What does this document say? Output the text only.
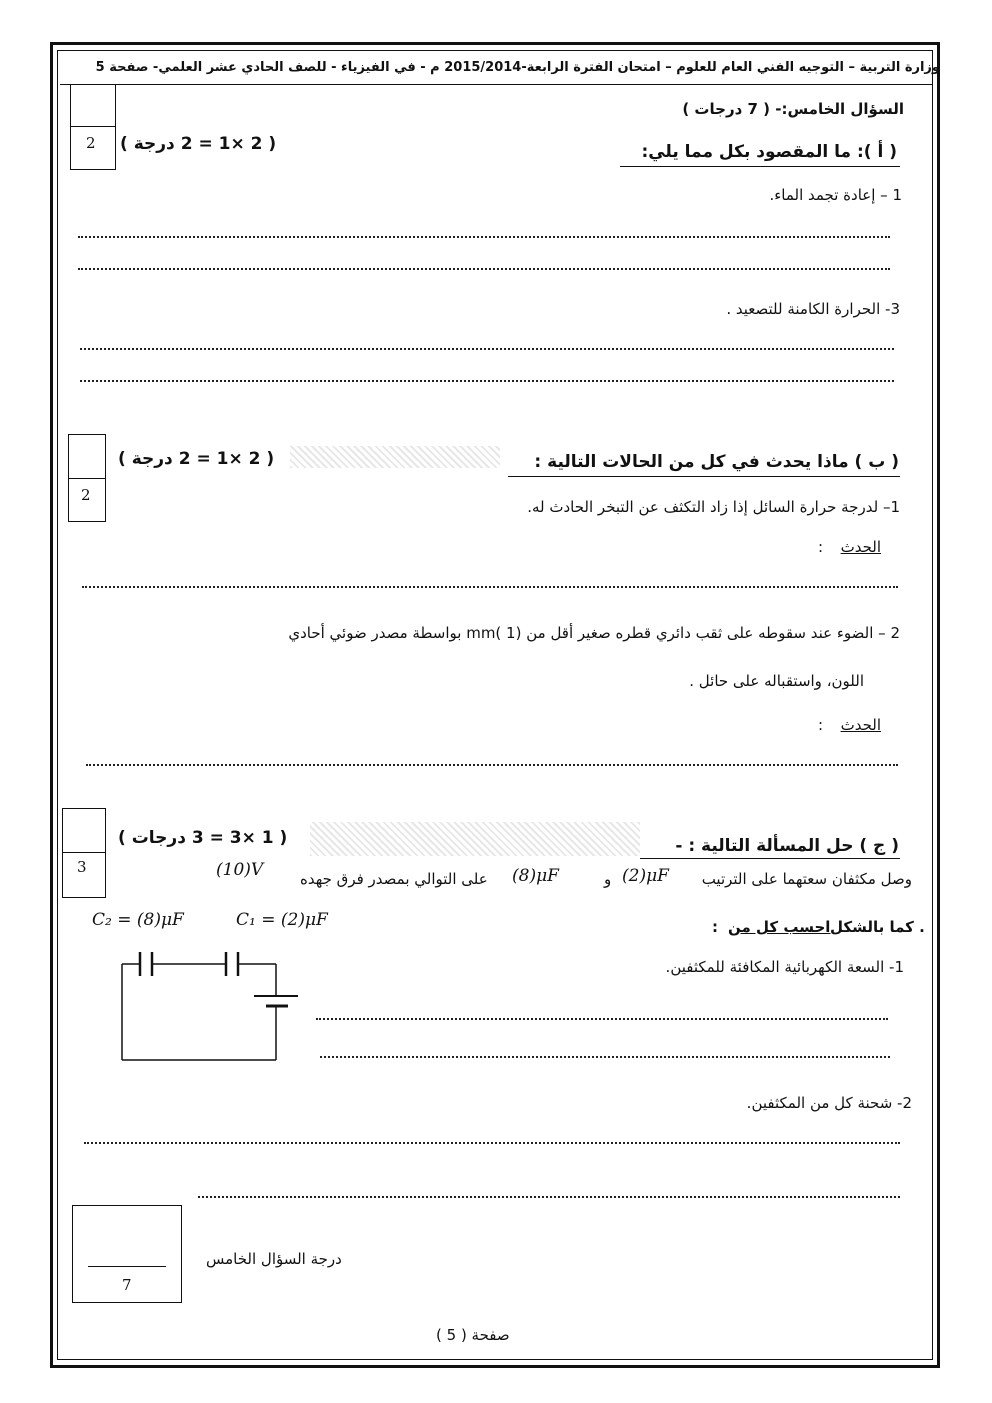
وزارة التربية – التوجيه الفني العام للعلوم – امتحان الفترة الرابعة-2015/2014 م - في الفيزياء - للصف الحادي عشر العلمي- صفحة 5
السؤال الخامس:- ( 7 درجات )
2	( أ ): ما المقصود بكل مما يلي:
( 2 ×1 = 2 درجة )
1 – إعادة تجمد الماء.
3- الحرارة الكامنة للتصعيد .
2
( ب ) ماذا يحدث في كل من الحالات التالية :
( 2 ×1 = 2 درجة )
1– لدرجة حرارة السائل إذا زاد التكثف عن التبخر الحادث له.
الحدث
:
2 – الضوء عند سقوطه على ثقب دائري قطره صغير أقل من mm( 1) بواسطة مصدر ضوئي أحادي
اللون، واستقباله على حائل .
الحدث
:
3
( ج ) حل المسألة التالية : -
( 1 ×3 = 3 درجات )
وصل مكثفان سعتهما على الترتيب
(2)μF
و
(8)μF
على التوالي بمصدر فرق جهده
(10)V
C₂ = (8)μF	C₁ = (2)μF	كما بالشكل .
احسب كل من
:
1- السعة الكهربائية المكافئة للمكثفين.
2- شحنة كل من المكثفين.
7
درجة السؤال الخامس
صفحة ( 5 )
